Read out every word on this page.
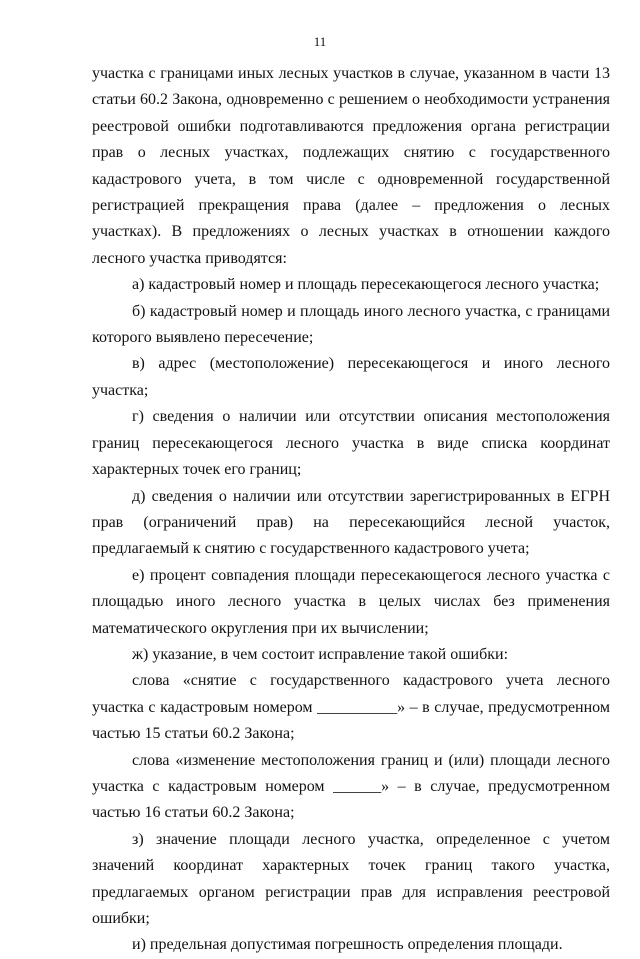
11

участка с границами иных лесных участков в случае, указанном в части 13 статьи 60.2 Закона, одновременно с решением о необходимости устранения реестровой ошибки подготавливаются предложения органа регистрации прав о лесных участках, подлежащих снятию с государственного кадастрового учета, в том числе с одновременной государственной регистрацией прекращения права (далее – предложения о лесных участках). В предложениях о лесных участках в отношении каждого лесного участка приводятся:

а) кадастровый номер и площадь пересекающегося лесного участка;

б) кадастровый номер и площадь иного лесного участка, с границами которого выявлено пересечение;

в) адрес (местоположение) пересекающегося и иного лесного участка;

г) сведения о наличии или отсутствии описания местоположения границ пересекающегося лесного участка в виде списка координат характерных точек его границ;

д) сведения о наличии или отсутствии зарегистрированных в ЕГРН прав (ограничений прав) на пересекающийся лесной участок, предлагаемый к снятию с государственного кадастрового учета;

е) процент совпадения площади пересекающегося лесного участка с площадью иного лесного участка в целых числах без применения математического округления при их вычислении;

ж) указание, в чем состоит исправление такой ошибки:

слова «снятие с государственного кадастрового учета лесного участка с кадастровым номером __________» – в случае, предусмотренном частью 15 статьи 60.2 Закона;

слова «изменение местоположения границ и (или) площади лесного участка с кадастровым номером ______» – в случае, предусмотренном частью 16 статьи 60.2 Закона;

з) значение площади лесного участка, определенное с учетом значений координат характерных точек границ такого участка, предлагаемых органом регистрации прав для исправления реестровой ошибки;

и) предельная допустимая погрешность определения площади.
